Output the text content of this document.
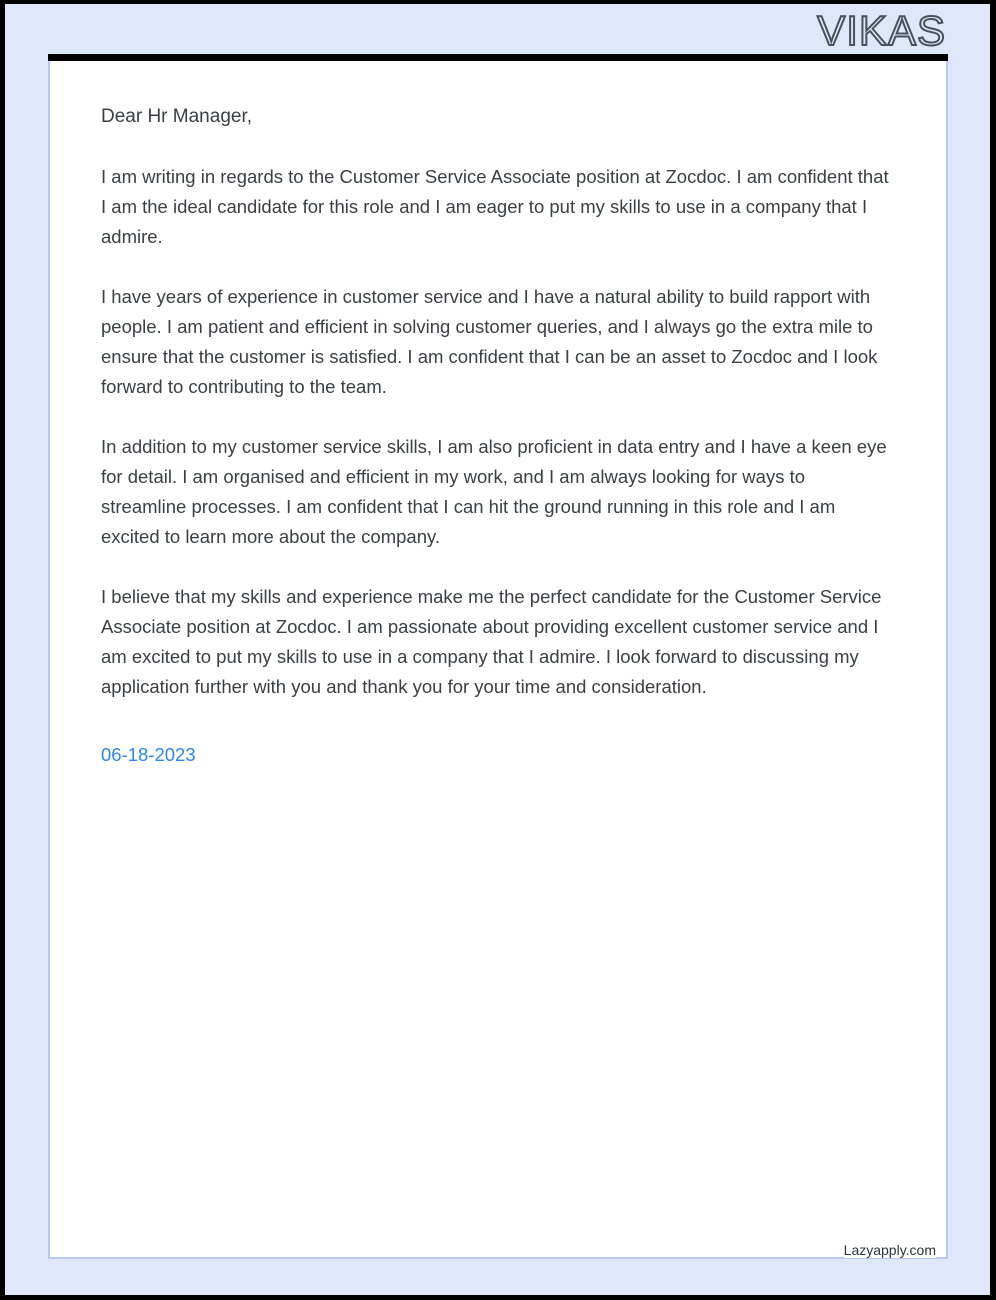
VIKAS

Dear Hr Manager,

I am writing in regards to the Customer Service Associate position at Zocdoc. I am confident that I am the ideal candidate for this role and I am eager to put my skills to use in a company that I admire.

I have years of experience in customer service and I have a natural ability to build rapport with people. I am patient and efficient in solving customer queries, and I always go the extra mile to ensure that the customer is satisfied. I am confident that I can be an asset to Zocdoc and I look forward to contributing to the team.

In addition to my customer service skills, I am also proficient in data entry and I have a keen eye for detail. I am organised and efficient in my work, and I am always looking for ways to streamline processes. I am confident that I can hit the ground running in this role and I am excited to learn more about the company.

I believe that my skills and experience make me the perfect candidate for the Customer Service Associate position at Zocdoc. I am passionate about providing excellent customer service and I am excited to put my skills to use in a company that I admire. I look forward to discussing my application further with you and thank you for your time and consideration.

06-18-2023

Lazyapply.com
